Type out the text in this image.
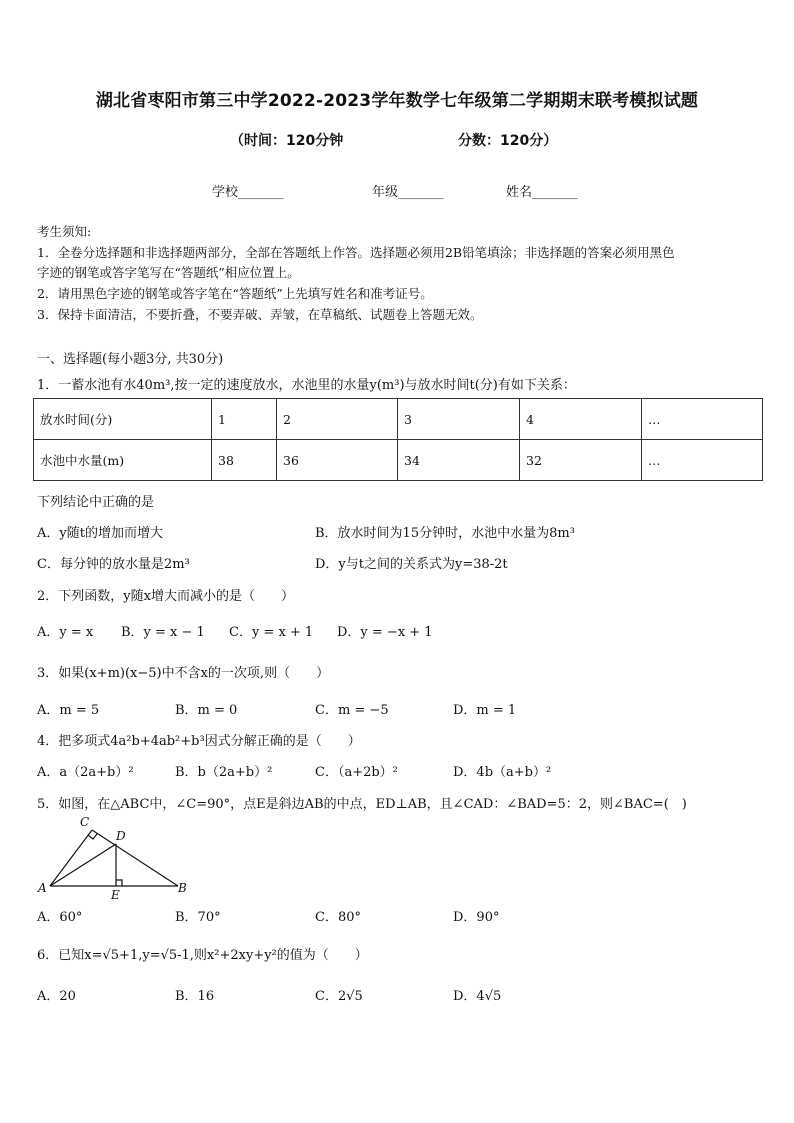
湖北省枣阳市第三中学2022-2023学年数学七年级第二学期期末联考模拟试题
（时间：120分钟	分数：120分）
学校_______	年级_______	姓名_______
考生须知:
1．全卷分选择题和非选择题两部分，全部在答题纸上作答。选择题必须用2B铅笔填涂；非选择题的答案必须用黑色
字迹的钢笔或答字笔写在“答题纸”相应位置上。
2．请用黑色字迹的钢笔或答字笔在“答题纸”上先填写姓名和准考证号。
3．保持卡面清洁，不要折叠，不要弄破、弄皱，在草稿纸、试题卷上答题无效。
一、选择题(每小题3分, 共30分)
1．一蓄水池有水40m³,按一定的速度放水，水池里的水量y(m³)与放水时间t(分)有如下关系：
放水时间(分)	1	2	3	4	…
水池中水量(m)	38	36	34	32	…
下列结论中正确的是
A．y随t的增加而增大	B．放水时间为15分钟时，水池中水量为8m³
C．每分钟的放水量是2m³	D．y与t之间的关系式为y=38-2t
2．下列函数，y随x增大而减小的是（　　）
A．y = x B．y = x − 1 C．y = x + 1 D．y = −x + 1
3．如果(x+m)(x−5)中不含x的一次项,则（　　）
A．m = 5	B．m = 0	C．m = −5	D．m = 1
4．把多项式4a²b+4ab²+b³因式分解正确的是（　　）
A．a（2a+b）²	B．b（2a+b）²	C．（a+2b）²	D．4b（a+b）²
5．如图，在△ABC中，∠C=90°，点E是斜边AB的中点，ED⊥AB，且∠CAD：∠BAD=5：2，则∠BAC=(　)
C
D
A	E	B
A．60°	B．70°	C．80°	D．90°
6．已知x=√5+1,y=√5-1,则x²+2xy+y²的值为（　　）
A．20	B．16	C．2√5	D．4√5
